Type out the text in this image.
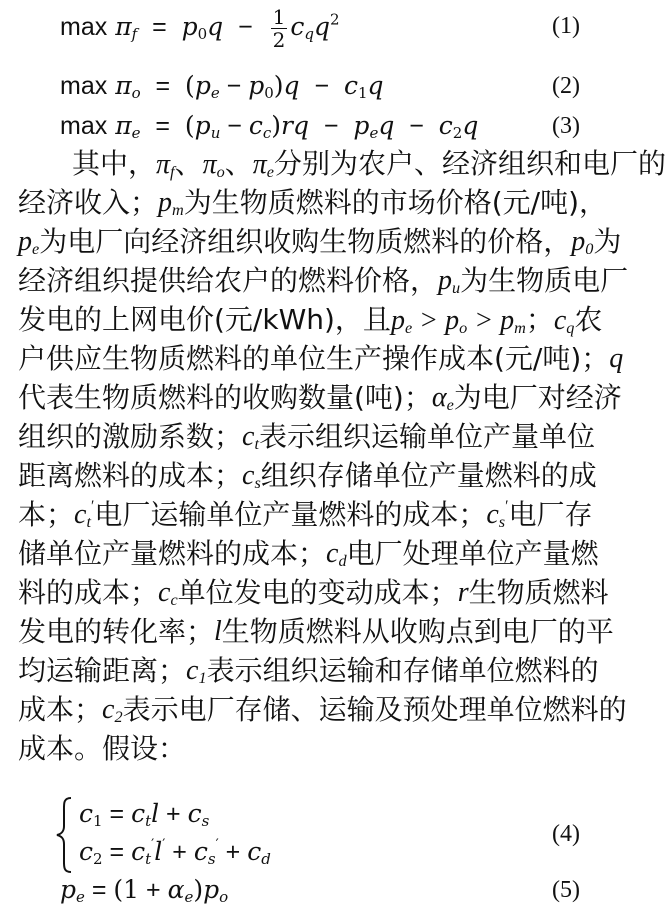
$\max \pi_f = p_0q - \frac{1}{2} c_qq^2$	(1)
$\max \pi_o = (p_e - p_0)q - c_1q$	(2)
$\max \pi_e = (p_u - c_c)rq - p_eq - c_2q$	(3)
其中， $\pi_f$、$\pi_o$、$\pi_e$ 分别为农户、经济组织和电厂的
经济收入； $p_m$ 为生物质燃料的市场价格(元/吨)，
$p_e$ 为电厂向经济组织收购生物质燃料的价格， $p_0$ 为
经济组织提供给农户的燃料价格， $p_u$ 为生物质电厂
发电的上网电价(元/kWh)，且 $p_e > p_o > p_m$；$c_q$ 农
户供应生物质燃料的单位生产操作成本(元/吨)； q
代表生物质燃料的收购数量(吨)； $\alpha_e$ 为电厂对经济
组织的激励系数； $c_t$ 表示组织运输单位产量单位
距离燃料的成本； $c_s$ 组织存储单位产量燃料的成
本； $c_t'$ 电厂运输单位产量燃料的成本； $c_s'$ 电厂存
储单位产量燃料的成本； $c_d$ 电厂处理单位产量燃
料的成本； $c_c$ 单位发电的变动成本； r 生物质燃料
发电的转化率； l 生物质燃料从收购点到电厂的平
均运输距离； $c_1$ 表示组织运输和存储单位燃料的
成本； $c_2$ 表示电厂存储、运输及预处理单位燃料的
成本。假设：
$c_1 = c_tl + c_s$
$c_2 = c_t'l' + c_s' + c_d$
(4)
$p_e = (1 + \alpha_e)p_o$	(5)
